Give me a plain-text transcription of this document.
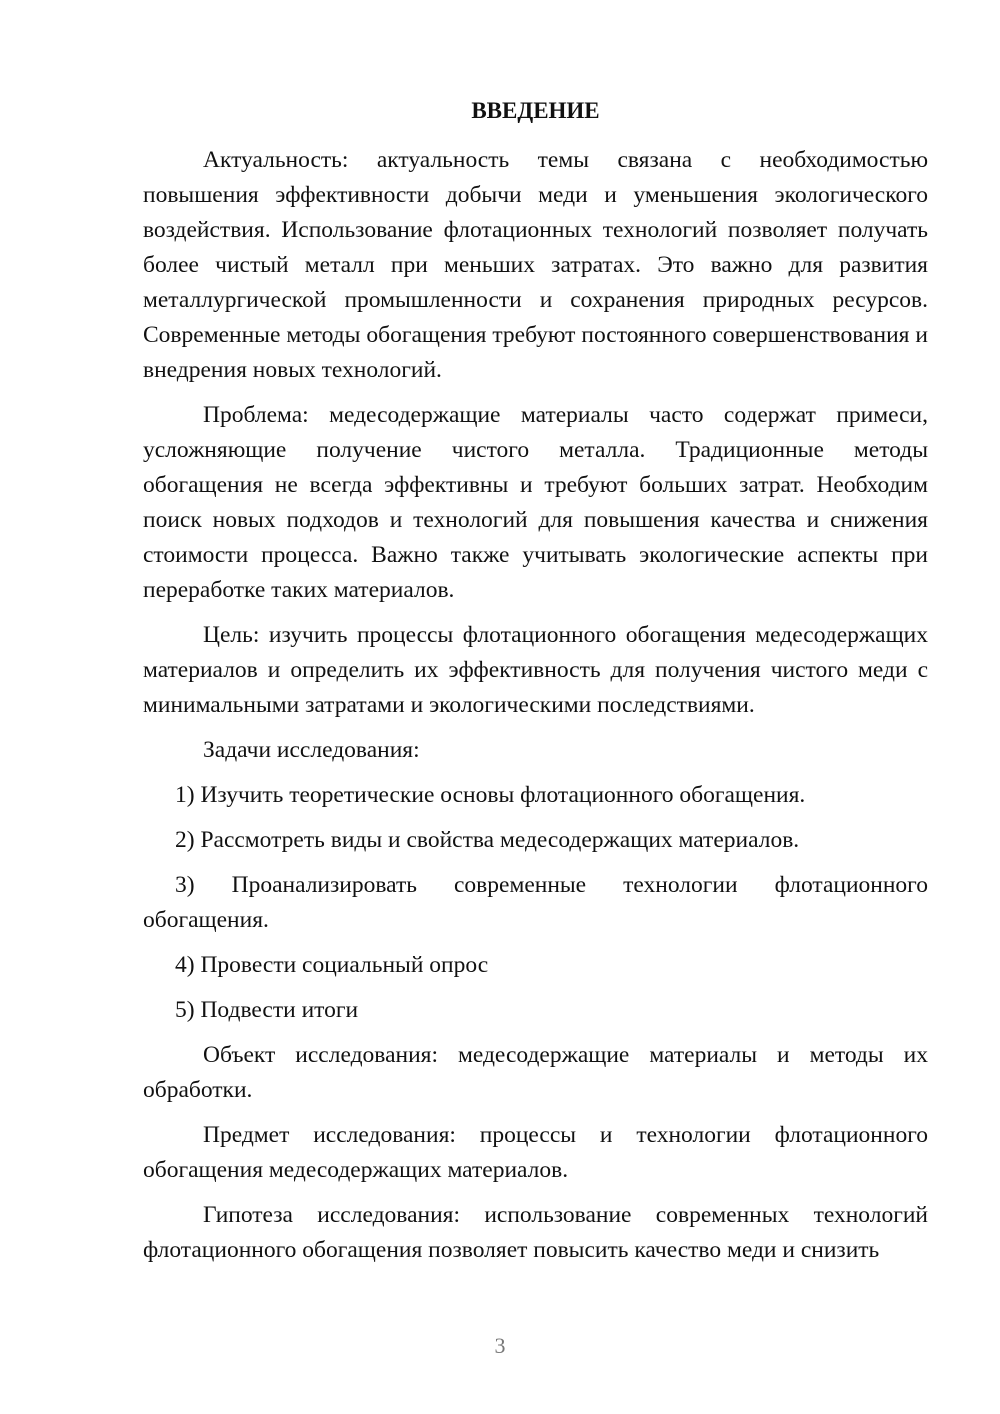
ВВЕДЕНИЕ

Актуальность: актуальность темы связана с необходимостью повышения эффективности добычи меди и уменьшения экологического воздействия. Использование флотационных технологий позволяет получать более чистый металл при меньших затратах. Это важно для развития металлургической промышленности и сохранения природных ресурсов. Современные методы обогащения требуют постоянного совершенствования и внедрения новых технологий.

Проблема: медесодержащие материалы часто содержат примеси, усложняющие получение чистого металла. Традиционные методы обогащения не всегда эффективны и требуют больших затрат. Необходим поиск новых подходов и технологий для повышения качества и снижения стоимости процесса. Важно также учитывать экологические аспекты при переработке таких материалов.

Цель: изучить процессы флотационного обогащения медесодержащих материалов и определить их эффективность для получения чистого меди с минимальными затратами и экологическими последствиями.

Задачи исследования:

1) Изучить теоретические основы флотационного обогащения.

2) Рассмотреть виды и свойства медесодержащих материалов.

3) Проанализировать современные технологии флотационного обогащения.

4) Провести социальный опрос

5) Подвести итоги

Объект исследования: медесодержащие материалы и методы их обработки.

Предмет исследования: процессы и технологии флотационного обогащения медесодержащих материалов.

Гипотеза исследования: использование современных технологий флотационного обогащения позволяет повысить качество меди и снизить

3
